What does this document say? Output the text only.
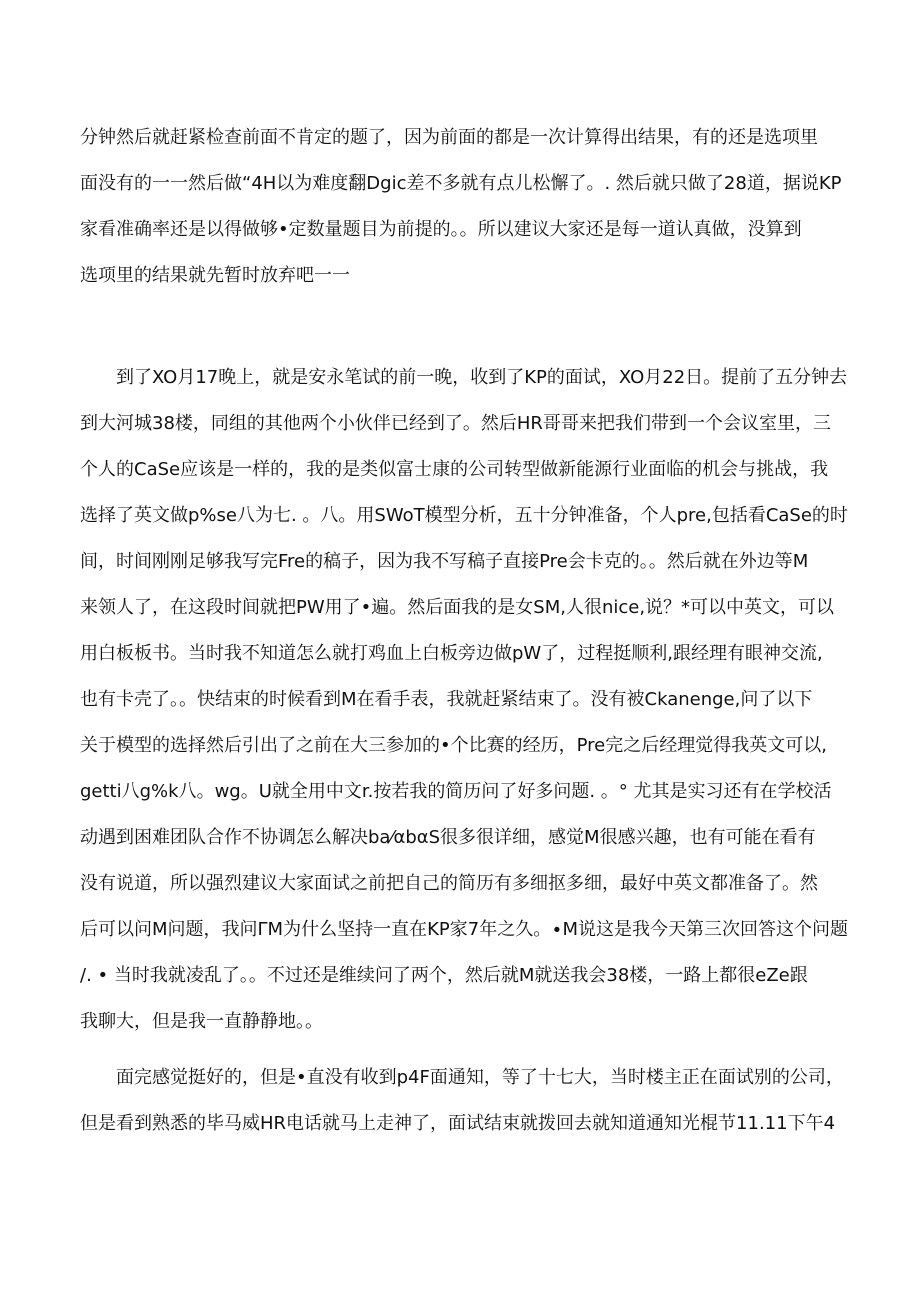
分钟然后就赶紧检查前面不肯定的题了，因为前面的都是一次计算得出结果，有的还是选项里
面没有的一一然后做“4H以为难度翻Dgic差不多就有点儿松懈了。. 然后就只做了28道，据说KP
家看准确率还是以得做够•定数量题目为前提的。。所以建议大家还是每一道认真做，没算到
选项里的结果就先暂时放弃吧一一
到了XO月17晚上，就是安永笔试的前一晚，收到了KP的面试，XO月22日。提前了五分钟去
到大河城38楼，同组的其他两个小伙伴已经到了。然后HR哥哥来把我们带到一个会议室里，三
个人的CaSe应该是一样的，我的是类似富士康的公司转型做新能源行业面临的机会与挑战，我
选择了英文做p%se八为七. 。八。用SWoT模型分析，五十分钟准备，个人pre,包括看CaSe的时
间，时间刚刚足够我写完Fre的稿子，因为我不写稿子直接Pre会卡克的。。然后就在外边等M
来领人了，在这段时间就把PW用了•遍。然后面我的是女SM,人很nice,说？*可以中英文，可以
用白板板书。当时我不知道怎么就打鸡血上白板旁边做pW了，过程挺顺利,跟经理有眼神交流,
也有卡壳了。。快结束的时候看到M在看手表，我就赶紧结束了。没有被Ckanenge,问了以下
关于模型的选择然后引出了之前在大三参加的•个比赛的经历，Pre完之后经理觉得我英文可以,
getti八g%k八。wg。U就全用中文r.按若我的简历问了好多问题. 。° 尤其是实习还有在学校活
动遇到困难团队合作不协调怎么解决ba⁄αbαS很多很详细，感觉M很感兴趣，也有可能在看有
没有说道，所以强烈建议大家面试之前把自己的简历有多细抠多细，最好中英文都准备了。然
后可以问M问题，我问ΓM为什么坚持一直在KP家7年之久。∙M说这是我今天第三次回答这个问题
/. • 当时我就凌乱了。。不过还是维续问了两个，然后就M就送我会38楼，一路上都很eZe跟
我聊大，但是我一直静静地。。
面完感觉挺好的，但是•直没有收到p4F面通知，等了十七大，当时楼主正在面试别的公司，
但是看到熟悉的毕马威HR电话就马上走神了，面试结束就拨回去就知道通知光棍节11.11下午4
